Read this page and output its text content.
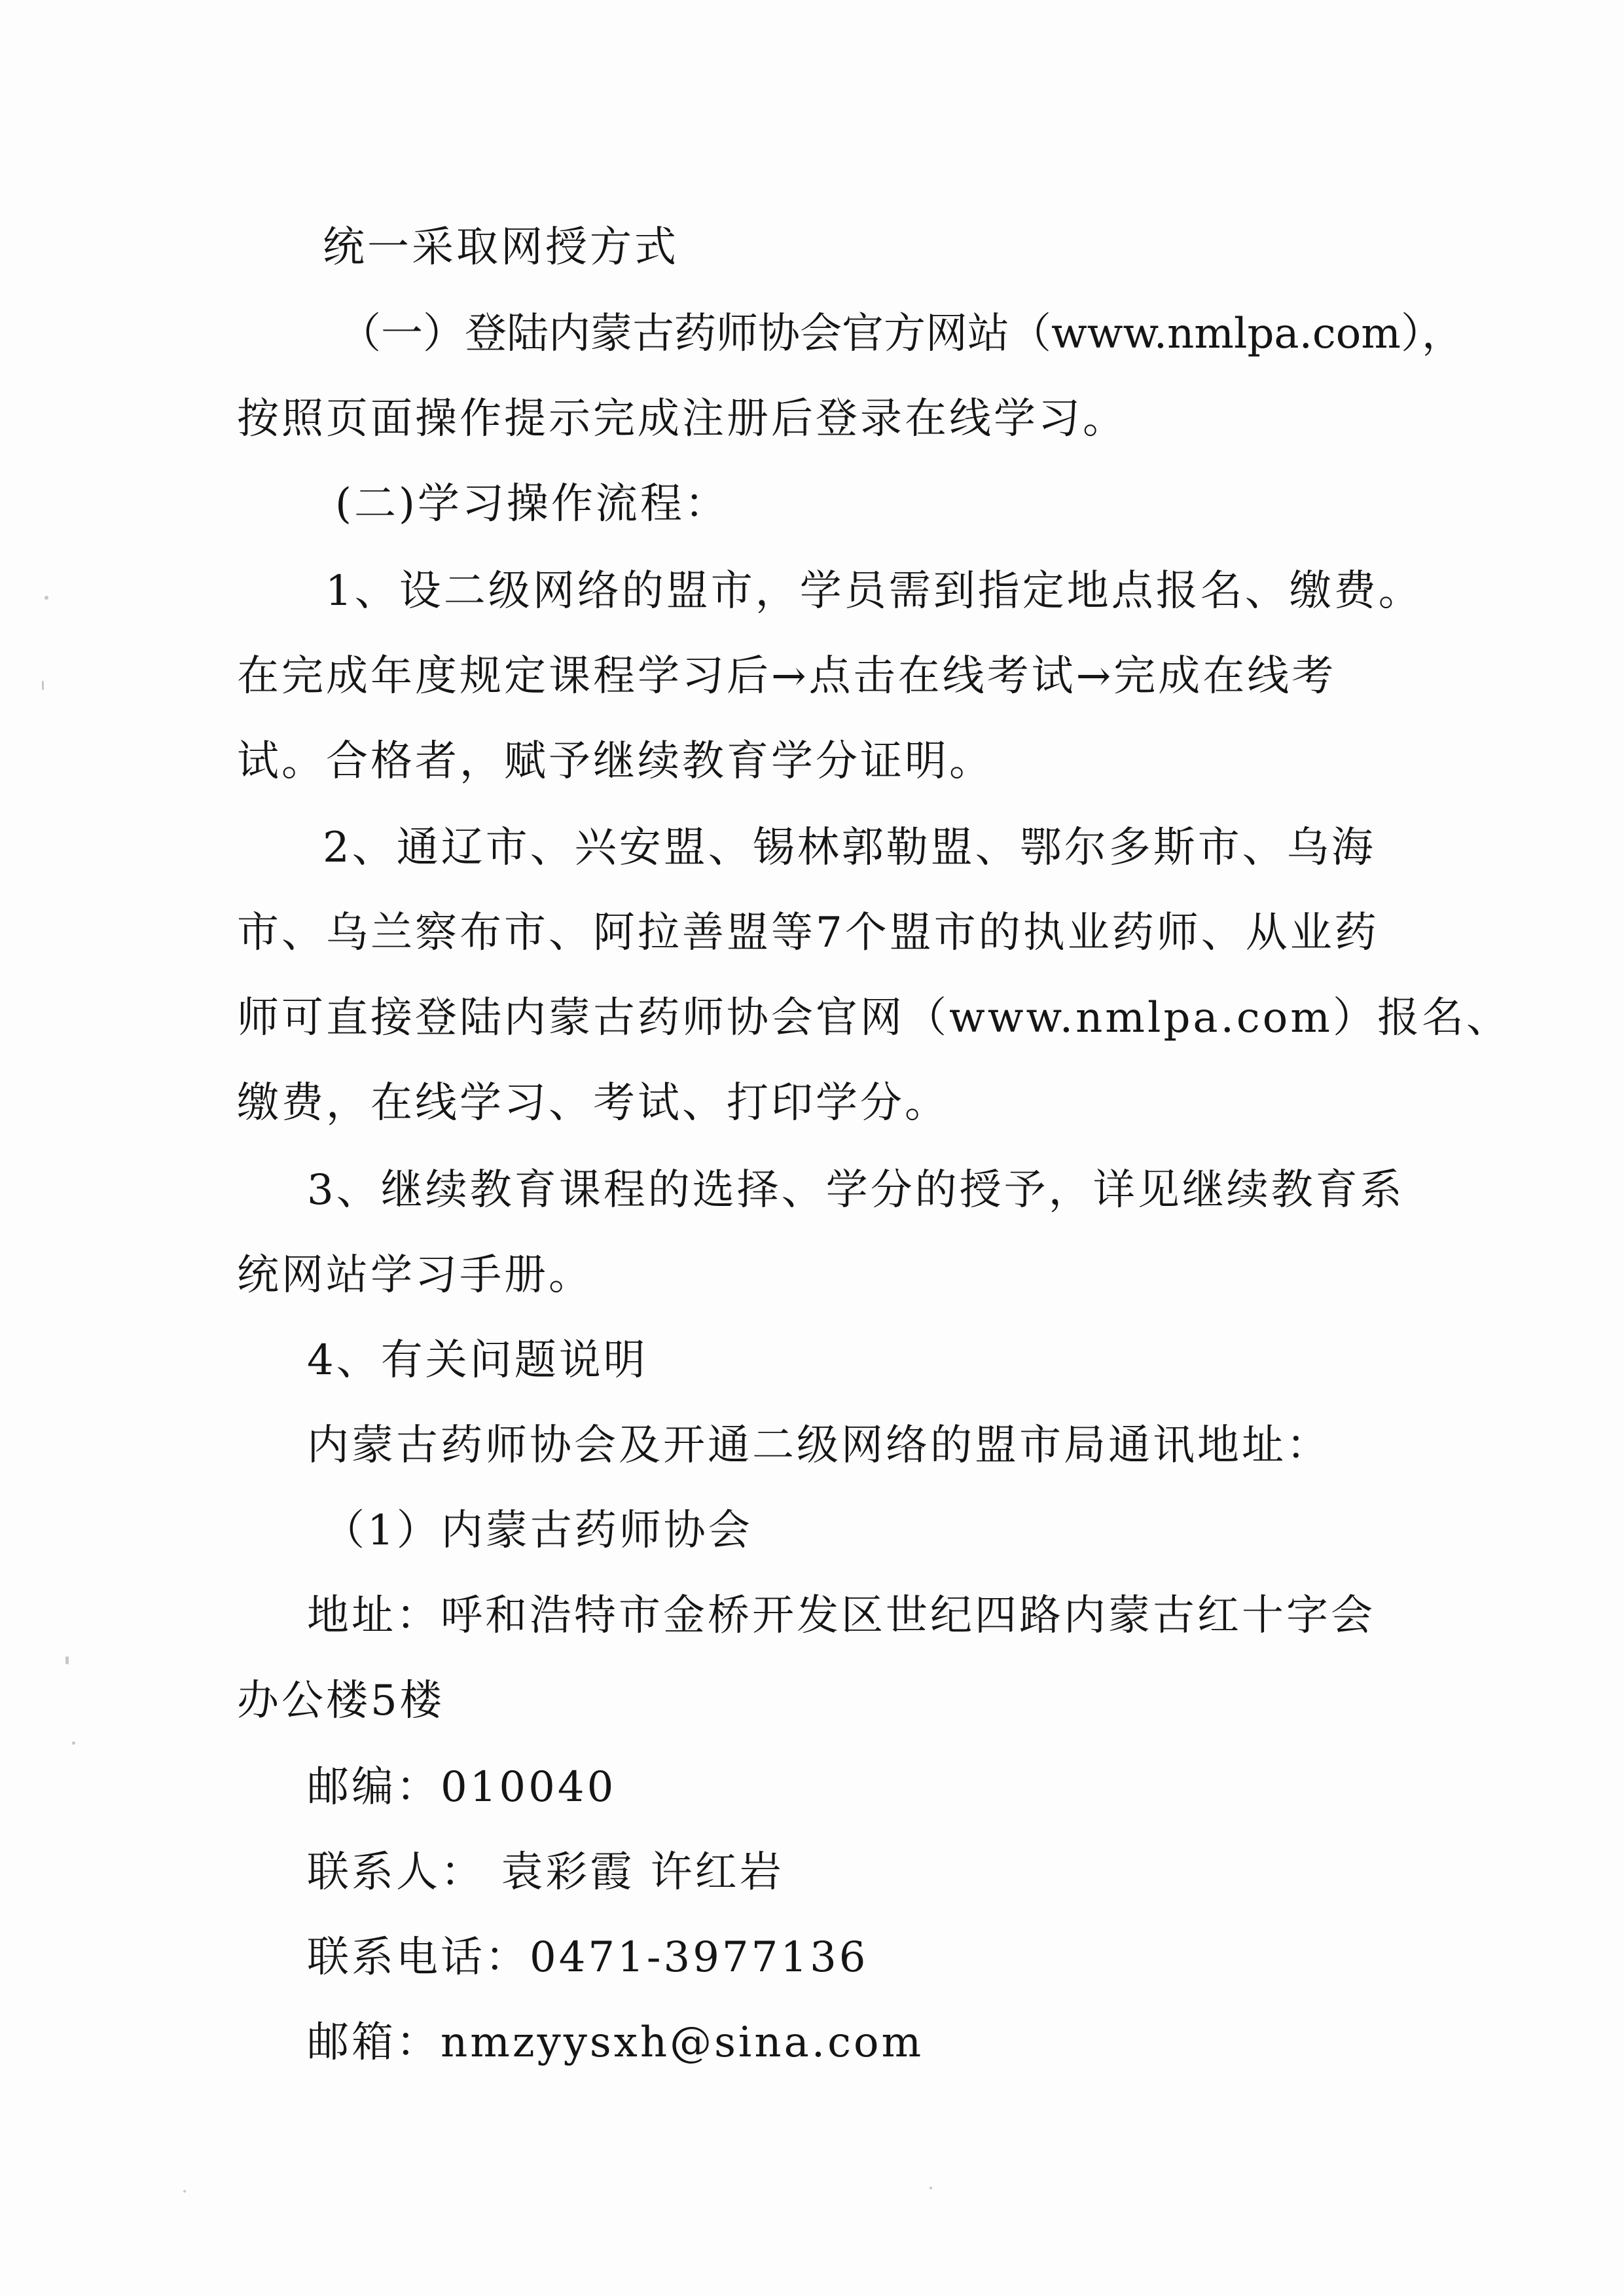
统一采取网授方式
（一）登陆内蒙古药师协会官方网站（www.nmlpa.com），
按照页面操作提示完成注册后登录在线学习。
(二)学习操作流程：
1、设二级网络的盟市，学员需到指定地点报名、缴费。
在完成年度规定课程学习后→点击在线考试→完成在线考
试。合格者，赋予继续教育学分证明。
2、通辽市、兴安盟、锡林郭勒盟、鄂尔多斯市、乌海
市、乌兰察布市、阿拉善盟等7个盟市的执业药师、从业药
师可直接登陆内蒙古药师协会官网（www.nmlpa.com）报名、
缴费，在线学习、考试、打印学分。
3、继续教育课程的选择、学分的授予，详见继续教育系
统网站学习手册。
4、有关问题说明
内蒙古药师协会及开通二级网络的盟市局通讯地址：
（1）内蒙古药师协会
地址：呼和浩特市金桥开发区世纪四路内蒙古红十字会
办公楼5楼
邮编：010040
联系人： 袁彩霞 许红岩
联系电话：0471-3977136
邮箱：nmzyysxh@sina.com
